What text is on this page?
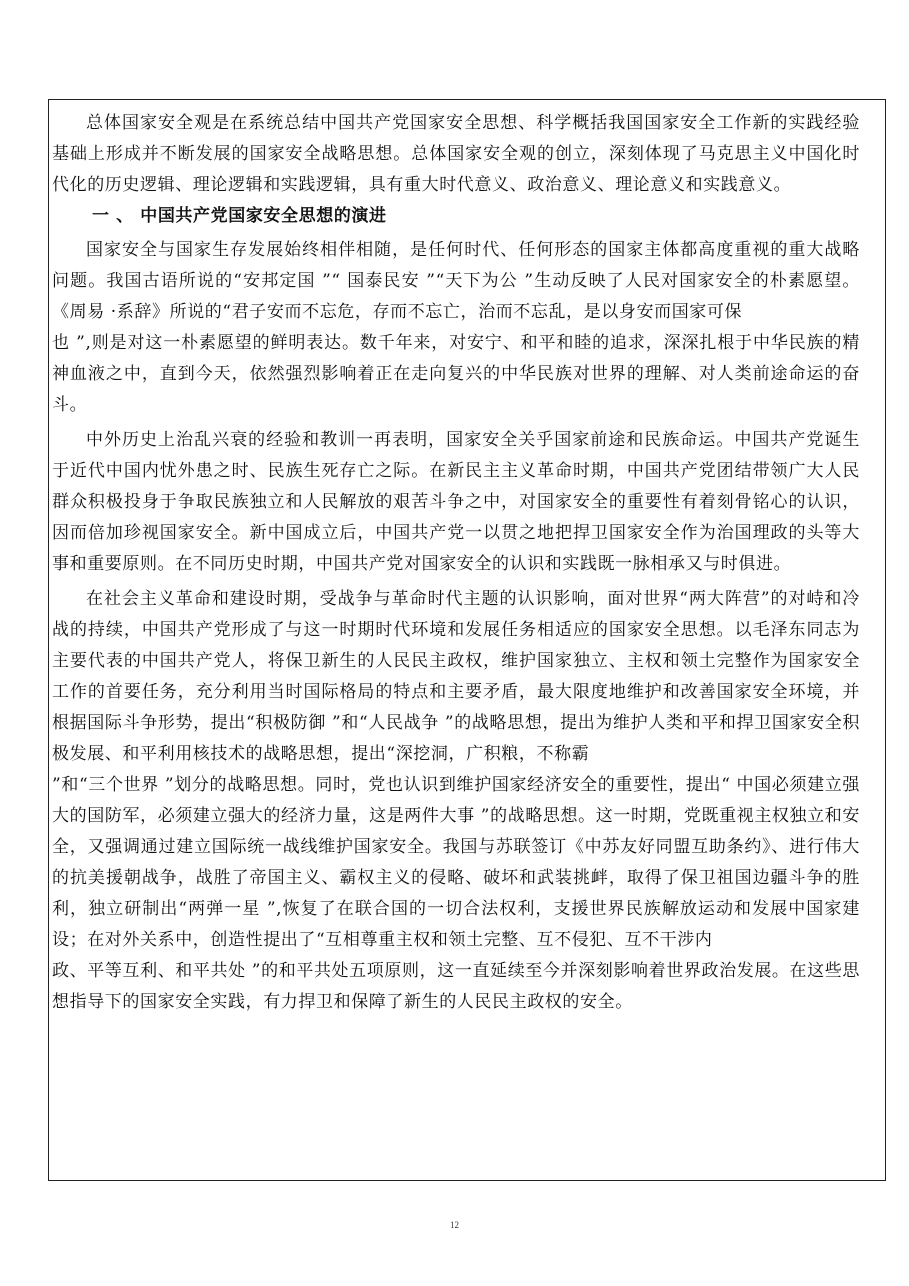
总体国家安全观是在系统总结中国共产党国家安全思想、科学概括我国国家安全工作新的实践经验基础上形成并不断发展的国家安全战略思想。总体国家安全观的创立，深刻体现了马克思主义中国化时代化的历史逻辑、理论逻辑和实践逻辑，具有重大时代意义、政治意义、理论意义和实践意义。

一 、 中国共产党国家安全思想的演进

国家安全与国家生存发展始终相伴相随，是任何时代、任何形态的国家主体都高度重视的重大战略问题。我国古语所说的“安邦定国 ”“ 国泰民安 ”“天下为公 ”生动反映了人民对国家安全的朴素愿望。《周易 ·系辞》所说的“君子安而不忘危，存而不忘亡，治而不忘乱，是以身安而国家可保

也 ”,则是对这一朴素愿望的鲜明表达。数千年来，对安宁、和平和睦的追求，深深扎根于中华民族的精神血液之中，直到今天，依然强烈影响着正在走向复兴的中华民族对世界的理解、对人类前途命运的奋斗。

中外历史上治乱兴衰的经验和教训一再表明，国家安全关乎国家前途和民族命运。中国共产党诞生于近代中国内忧外患之时、民族生死存亡之际。在新民主主义革命时期，中国共产党团结带领广大人民群众积极投身于争取民族独立和人民解放的艰苦斗争之中，对国家安全的重要性有着刻骨铭心的认识，因而倍加珍视国家安全。新中国成立后，中国共产党一以贯之地把捍卫国家安全作为治国理政的头等大事和重要原则。在不同历史时期，中国共产党对国家安全的认识和实践既一脉相承又与时俱进。

在社会主义革命和建设时期，受战争与革命时代主题的认识影响，面对世界“两大阵营”的对峙和冷战的持续，中国共产党形成了与这一时期时代环境和发展任务相适应的国家安全思想。以毛泽东同志为主要代表的中国共产党人，将保卫新生的人民民主政权，维护国家独立、主权和领土完整作为国家安全工作的首要任务，充分利用当时国际格局的特点和主要矛盾，最大限度地维护和改善国家安全环境，并根据国际斗争形势，提出“积极防御 ”和“人民战争 ”的战略思想，提出为维护人类和平和捍卫国家安全积极发展、和平利用核技术的战略思想，提出“深挖洞，广积粮，不称霸

”和“三个世界 ”划分的战略思想。同时，党也认识到维护国家经济安全的重要性，提出“ 中国必须建立强大的国防军，必须建立强大的经济力量，这是两件大事 ”的战略思想。这一时期，党既重视主权独立和安全，又强调通过建立国际统一战线维护国家安全。我国与苏联签订《中苏友好同盟互助条约》、进行伟大的抗美援朝战争，战胜了帝国主义、霸权主义的侵略、破坏和武装挑衅，取得了保卫祖国边疆斗争的胜利，独立研制出“两弹一星 ”,恢复了在联合国的一切合法权利，支援世界民族解放运动和发展中国家建设；在对外关系中，创造性提出了“互相尊重主权和领土完整、互不侵犯、互不干涉内

政、平等互利、和平共处 ”的和平共处五项原则，这一直延续至今并深刻影响着世界政治发展。在这些思想指导下的国家安全实践，有力捍卫和保障了新生的人民民主政权的安全。

12
